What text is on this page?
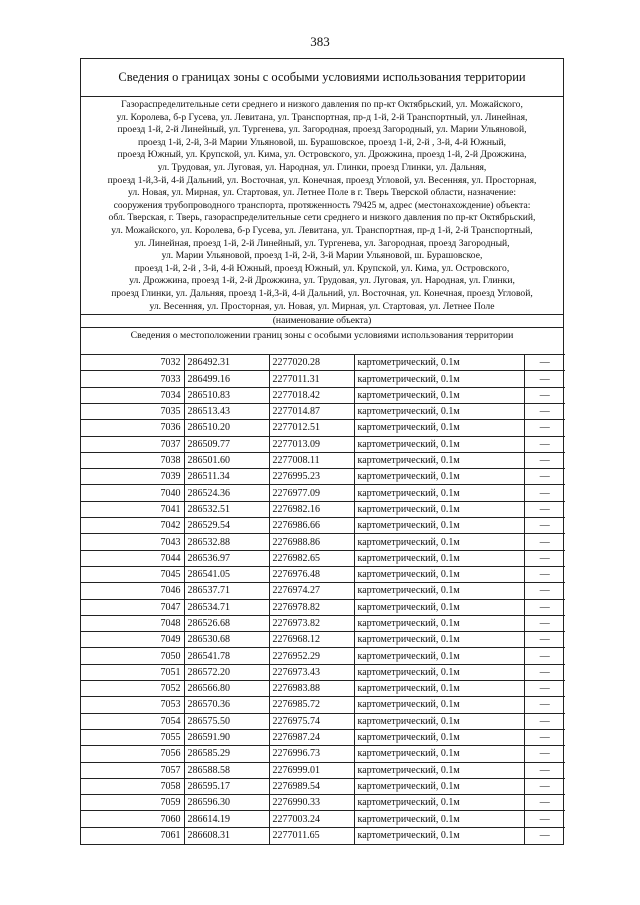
383
Сведения о границах зоны с особыми условиями использования территории
Газораспределительные сети среднего и низкого давления по пр-кт Октябрьский, ул. Можайского,
ул. Королева, б-р Гусева, ул. Левитана, ул. Транспортная, пр-д 1-й, 2-й Транспортный, ул. Линейная,
проезд 1-й, 2-й Линейный, ул. Тургенева, ул. Загородная, проезд Загородный, ул. Марии Ульяновой,
проезд 1-й, 2-й, 3-й Марии Ульяновой, ш. Бурашовское, проезд 1-й, 2-й , 3-й, 4-й Южный,
проезд Южный, ул. Крупской, ул. Кима, ул. Островского, ул. Дрожжина, проезд 1-й, 2-й Дрожжина,
ул. Трудовая, ул. Луговая, ул. Народная, ул. Глинки, проезд Глинки, ул. Дальняя,
проезд 1-й,3-й, 4-й Дальний, ул. Восточная, ул. Конечная, проезд Угловой, ул. Весенняя, ул. Просторная,
ул. Новая, ул. Мирная, ул. Стартовая, ул. Летнее Поле в г. Тверь Тверской области, назначение:
сооружения трубопроводного транспорта, протяженность 79425 м, адрес (местонахождение) объекта:
обл. Тверская, г. Тверь, газораспределительные сети среднего и низкого давления по пр-кт Октябрьский,
ул. Можайского, ул. Королева, б-р Гусева, ул. Левитана, ул. Транспортная, пр-д 1-й, 2-й Транспортный,
ул. Линейная, проезд 1-й, 2-й Линейный, ул. Тургенева, ул. Загородная, проезд Загородный,
ул. Марии Ульяновой, проезд 1-й, 2-й, 3-й Марии Ульяновой, ш. Бурашовское,
проезд 1-й, 2-й , 3-й, 4-й Южный, проезд Южный, ул. Крупской, ул. Кима, ул. Островского,
ул. Дрожжина, проезд 1-й, 2-й Дрожжина, ул. Трудовая, ул. Луговая, ул. Народная, ул. Глинки,
проезд Глинки, ул. Дальняя, проезд 1-й,3-й, 4-й Дальний, ул. Восточная, ул. Конечная, проезд Угловой,
ул. Весенняя, ул. Просторная, ул. Новая, ул. Мирная, ул. Стартовая, ул. Летнее Поле
(наименование объекта)
Сведения о местоположении границ зоны с особыми условиями использования территории
7032	286492.31	2277020.28	картометрический, 0.1м	—
7033	286499.16	2277011.31	картометрический, 0.1м	—
7034	286510.83	2277018.42	картометрический, 0.1м	—
7035	286513.43	2277014.87	картометрический, 0.1м	—
7036	286510.20	2277012.51	картометрический, 0.1м	—
7037	286509.77	2277013.09	картометрический, 0.1м	—
7038	286501.60	2277008.11	картометрический, 0.1м	—
7039	286511.34	2276995.23	картометрический, 0.1м	—
7040	286524.36	2276977.09	картометрический, 0.1м	—
7041	286532.51	2276982.16	картометрический, 0.1м	—
7042	286529.54	2276986.66	картометрический, 0.1м	—
7043	286532.88	2276988.86	картометрический, 0.1м	—
7044	286536.97	2276982.65	картометрический, 0.1м	—
7045	286541.05	2276976.48	картометрический, 0.1м	—
7046	286537.71	2276974.27	картометрический, 0.1м	—
7047	286534.71	2276978.82	картометрический, 0.1м	—
7048	286526.68	2276973.82	картометрический, 0.1м	—
7049	286530.68	2276968.12	картометрический, 0.1м	—
7050	286541.78	2276952.29	картометрический, 0.1м	—
7051	286572.20	2276973.43	картометрический, 0.1м	—
7052	286566.80	2276983.88	картометрический, 0.1м	—
7053	286570.36	2276985.72	картометрический, 0.1м	—
7054	286575.50	2276975.74	картометрический, 0.1м	—
7055	286591.90	2276987.24	картометрический, 0.1м	—
7056	286585.29	2276996.73	картометрический, 0.1м	—
7057	286588.58	2276999.01	картометрический, 0.1м	—
7058	286595.17	2276989.54	картометрический, 0.1м	—
7059	286596.30	2276990.33	картометрический, 0.1м	—
7060	286614.19	2277003.24	картометрический, 0.1м	—
7061	286608.31	2277011.65	картометрический, 0.1м	—
